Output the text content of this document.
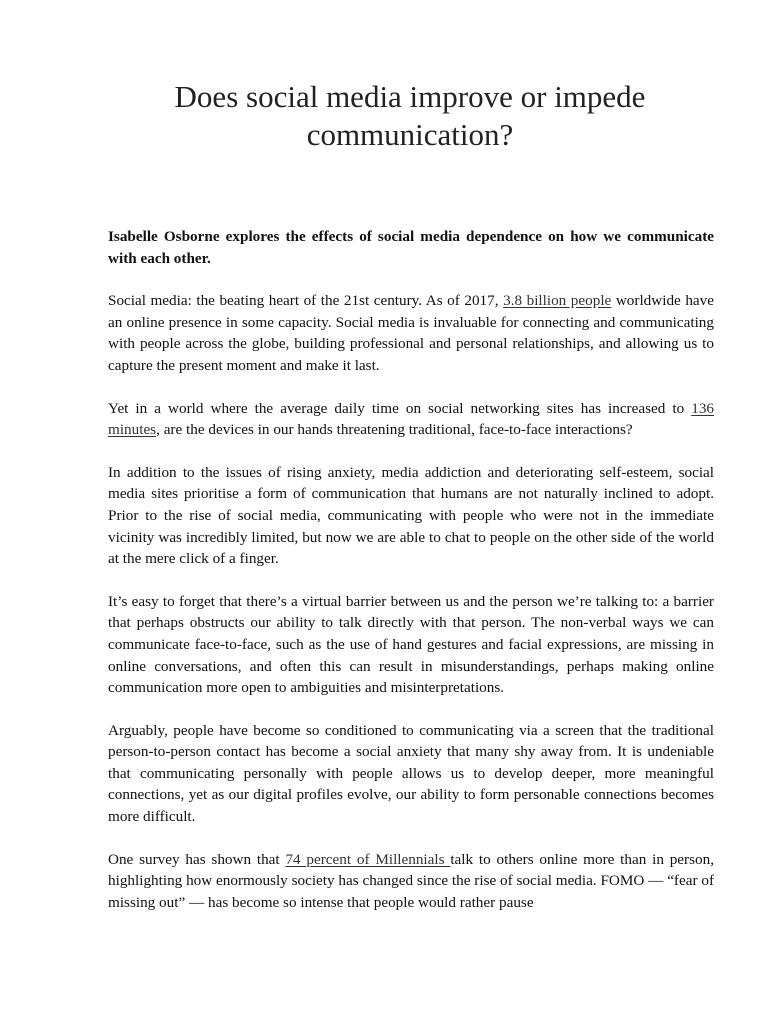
Does social media improve or impede communication?

Isabelle Osborne explores the effects of social media dependence on how we communicate with each other.

Social media: the beating heart of the 21st century. As of 2017, 3.8 billion people worldwide have an online presence in some capacity. Social media is invaluable for connecting and communicating with people across the globe, building professional and personal relationships, and allowing us to capture the present moment and make it last.

Yet in a world where the average daily time on social networking sites has increased to 136 minutes, are the devices in our hands threatening traditional, face-to-face interactions?

In addition to the issues of rising anxiety, media addiction and deteriorating self-esteem, social media sites prioritise a form of communication that humans are not naturally inclined to adopt. Prior to the rise of social media, communicating with people who were not in the immediate vicinity was incredibly limited, but now we are able to chat to people on the other side of the world at the mere click of a finger.

It’s easy to forget that there’s a virtual barrier between us and the person we’re talking to: a barrier that perhaps obstructs our ability to talk directly with that person. The non-verbal ways we can communicate face-to-face, such as the use of hand gestures and facial expressions, are missing in online conversations, and often this can result in misunderstandings, perhaps making online communication more open to ambiguities and misinterpretations.

Arguably, people have become so conditioned to communicating via a screen that the traditional person-to-person contact has become a social anxiety that many shy away from. It is undeniable that communicating personally with people allows us to develop deeper, more meaningful connections, yet as our digital profiles evolve, our ability to form personable connections becomes more difficult.

One survey has shown that 74 percent of Millennials talk to others online more than in person, highlighting how enormously society has changed since the rise of social media. FOMO — “fear of missing out” — has become so intense that people would rather pause
